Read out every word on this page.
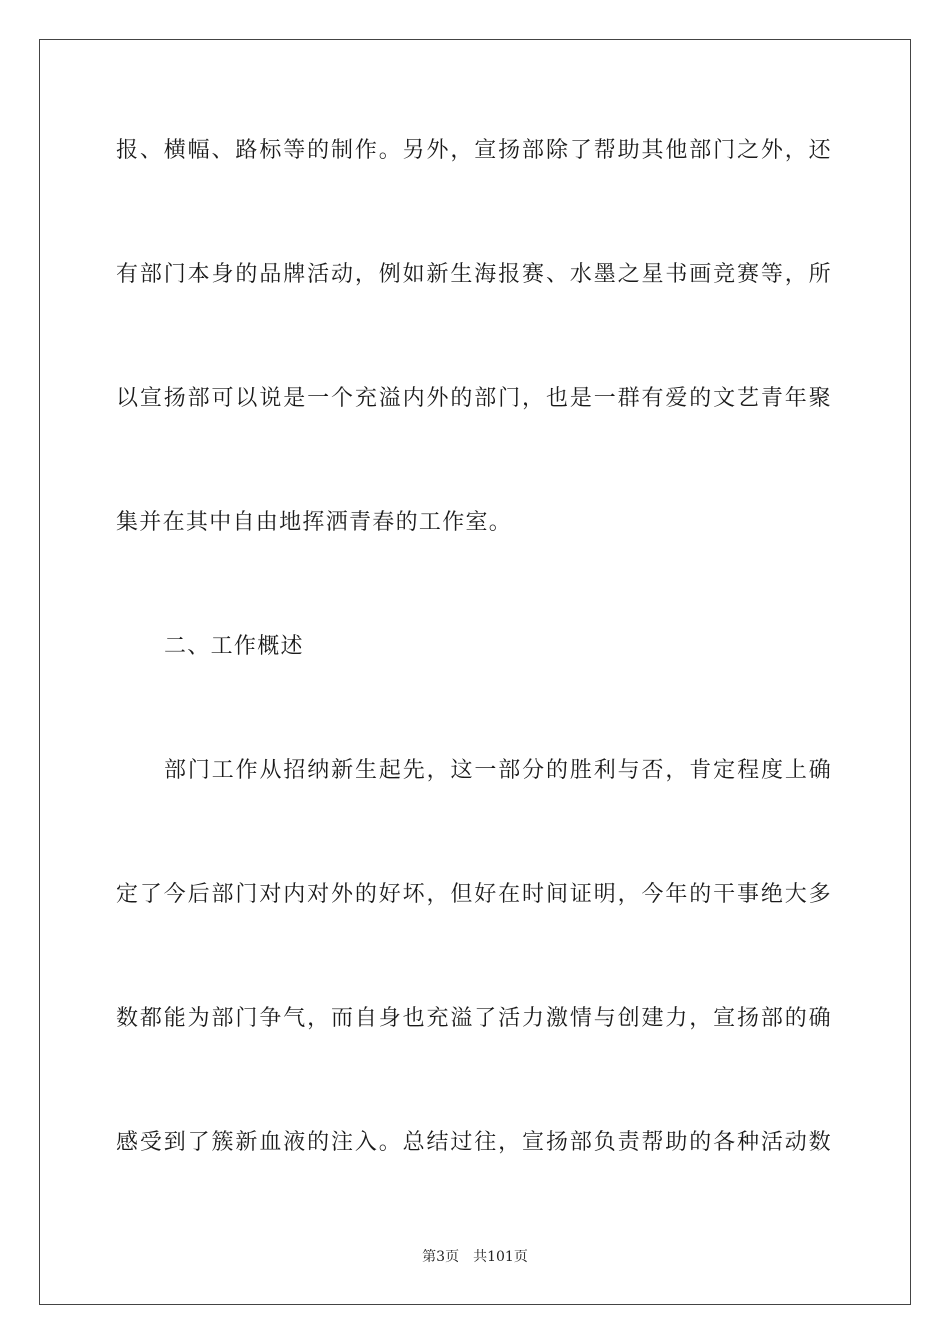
报、横幅、路标等的制作。另外，宣扬部除了帮助其他部门之外，还
有部门本身的品牌活动，例如新生海报赛、水墨之星书画竞赛等，所
以宣扬部可以说是一个充溢内外的部门，也是一群有爱的文艺青年聚
集并在其中自由地挥洒青春的工作室。
二、工作概述
部门工作从招纳新生起先，这一部分的胜利与否，肯定程度上确
定了今后部门对内对外的好坏，但好在时间证明，今年的干事绝大多
数都能为部门争气，而自身也充溢了活力激情与创建力，宣扬部的确
感受到了簇新血液的注入。总结过往，宣扬部负责帮助的各种活动数
第3页 共101页
